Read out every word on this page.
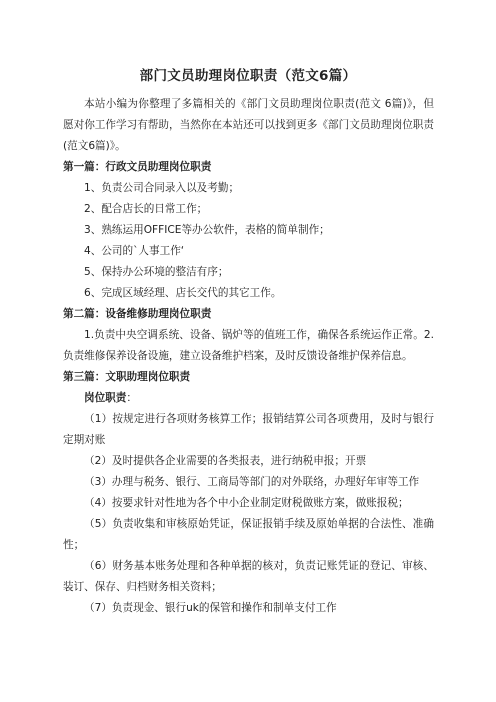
部门文员助理岗位职责（范文6篇）

本站小编为你整理了多篇相关的《部门文员助理岗位职责(范文 6篇)》，但愿对你工作学习有帮助，当然你在本站还可以找到更多《部门文员助理岗位职责(范文6篇)》。

第一篇：行政文员助理岗位职责

1、负责公司合同录入以及考勤；

2、配合店长的日常工作；

3、熟练运用OFFICE等办公软件，表格的简单制作；

4、公司的`人事工作‘

5、保持办公环境的整洁有序；

6、完成区域经理、店长交代的其它工作。

第二篇：设备维修助理岗位职责

1.负责中央空调系统、设备、锅炉等的值班工作，确保各系统运作正常。2.负责维修保养设备设施，建立设备维护档案，及时反馈设备维护保养信息。

第三篇：文职助理岗位职责

岗位职责：

（1）按规定进行各项财务核算工作；报销结算公司各项费用，及时与银行定期对账

（2）及时提供各企业需要的各类报表，进行纳税申报；开票

（3）办理与税务、银行、工商局等部门的对外联络，办理好年审等工作

（4）按要求针对性地为各个中小企业制定财税做账方案，做账报税；

（5）负责收集和审核原始凭证，保证报销手续及原始单据的合法性、准确性；

（6）财务基本账务处理和各种单据的核对，负责记账凭证的登记、审核、装订、保存、归档财务相关资料；

（7）负责现金、银行uk的保管和操作和制单支付工作
